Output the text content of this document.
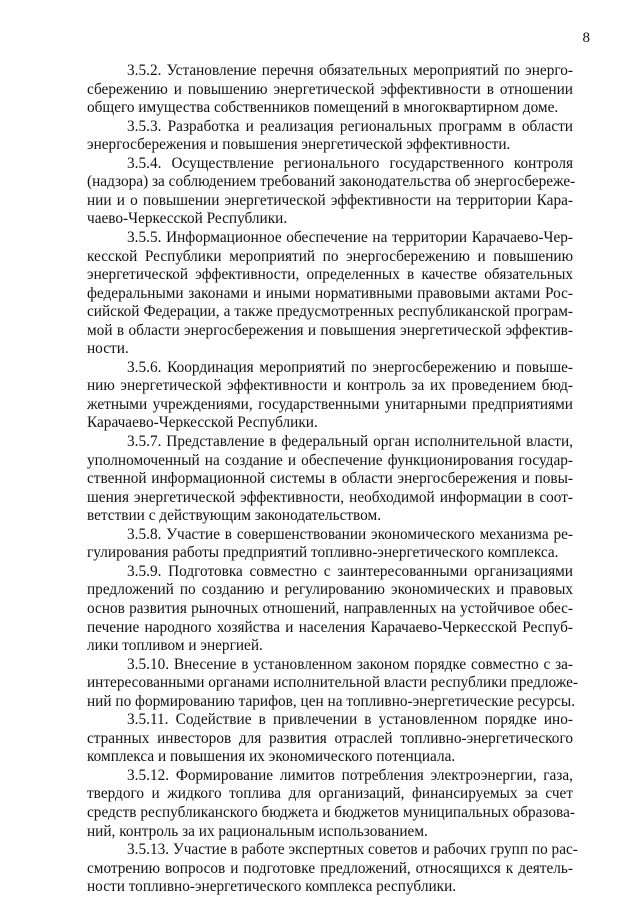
8
3.5.2. Установление перечня обязательных мероприятий по энерго-
сбережению и повышению энергетической эффективности в отношении
общего имущества собственников помещений в многоквартирном доме.
3.5.3. Разработка и реализация региональных программ в области
энергосбережения и повышения энергетической эффективности.
3.5.4. Осуществление регионального государственного контроля
(надзора) за соблюдением требований законодательства об энергосбереже-
нии и о повышении энергетической эффективности на территории Кара-
чаево-Черкесской Республики.
3.5.5. Информационное обеспечение на территории Карачаево-Чер-
кесской Республики мероприятий по энергосбережению и повышению
энергетической эффективности, определенных в качестве обязательных
федеральными законами и иными нормативными правовыми актами Рос-
сийской Федерации, а также предусмотренных республиканской програм-
мой в области энергосбережения и повышения энергетической эффектив-
ности.
3.5.6. Координация мероприятий по энергосбережению и повыше-
нию энергетической эффективности и контроль за их проведением бюд-
жетными учреждениями, государственными унитарными предприятиями
Карачаево-Черкесской Республики.
3.5.7. Представление в федеральный орган исполнительной власти,
уполномоченный на создание и обеспечение функционирования государ-
ственной информационной системы в области энергосбережения и повы-
шения энергетической эффективности, необходимой информации в соот-
ветствии с действующим законодательством.
3.5.8. Участие в совершенствовании экономического механизма ре-
гулирования работы предприятий топливно-энергетического комплекса.
3.5.9. Подготовка совместно с заинтересованными организациями
предложений по созданию и регулированию экономических и правовых
основ развития рыночных отношений, направленных на устойчивое обес-
печение народного хозяйства и населения Карачаево-Черкесской Респуб-
лики топливом и энергией.
3.5.10. Внесение в установленном законом порядке совместно с за-
интересованными органами исполнительной власти республики предложе-
ний по формированию тарифов, цен на топливно-энергетические ресурсы.
3.5.11. Содействие в привлечении в установленном порядке ино-
странных инвесторов для развития отраслей топливно-энергетического
комплекса и повышения их экономического потенциала.
3.5.12. Формирование лимитов потребления электроэнергии, газа,
твердого и жидкого топлива для организаций, финансируемых за счет
средств республиканского бюджета и бюджетов муниципальных образова-
ний, контроль за их рациональным использованием.
3.5.13. Участие в работе экспертных советов и рабочих групп по рас-
смотрению вопросов и подготовке предложений, относящихся к деятель-
ности топливно-энергетического комплекса республики.
